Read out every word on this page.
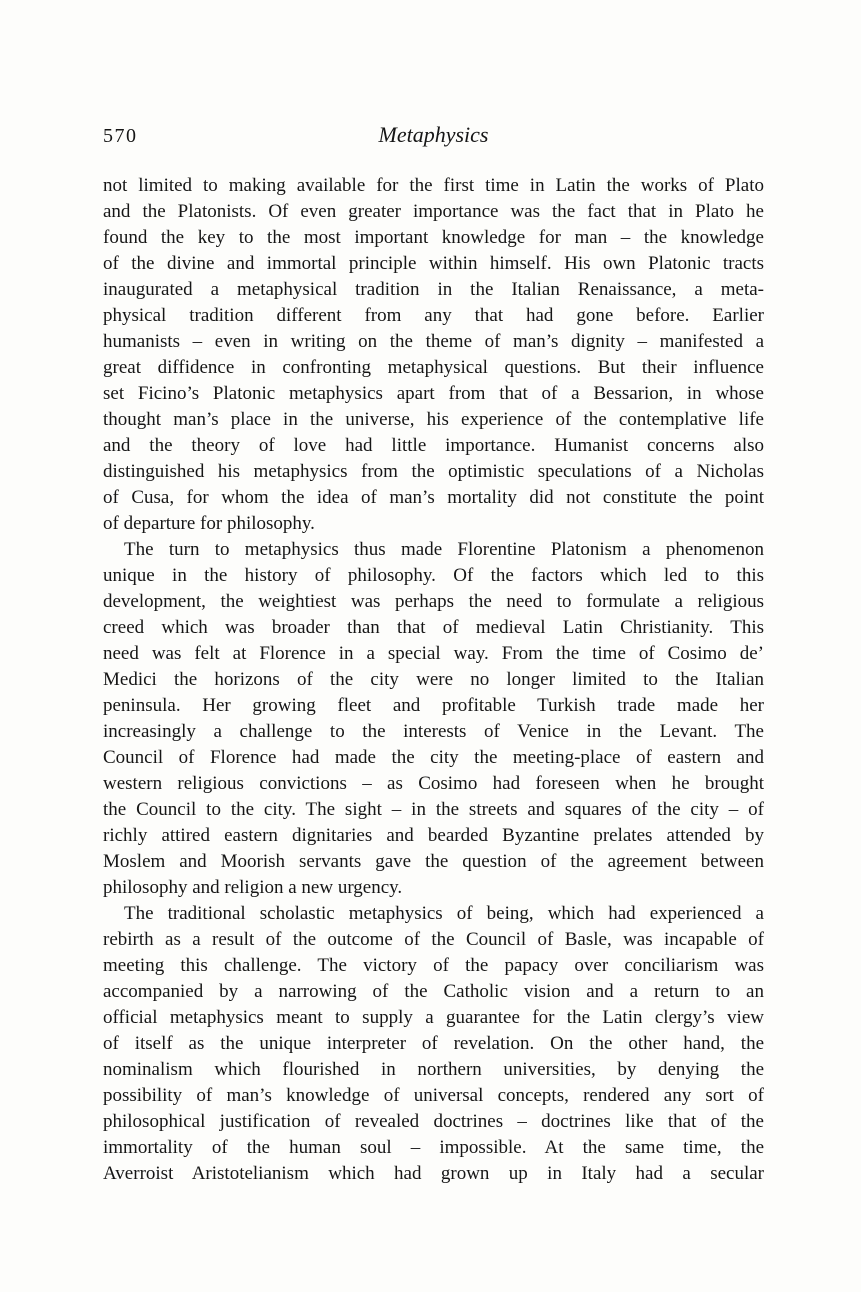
570	Metaphysics
not limited to making available for the first time in Latin the works of Plato
and the Platonists. Of even greater importance was the fact that in Plato he
found the key to the most important knowledge for man – the knowledge
of the divine and immortal principle within himself. His own Platonic tracts
inaugurated a metaphysical tradition in the Italian Renaissance, a meta-
physical tradition different from any that had gone before. Earlier
humanists – even in writing on the theme of man’s dignity – manifested a
great diffidence in confronting metaphysical questions. But their influence
set Ficino’s Platonic metaphysics apart from that of a Bessarion, in whose
thought man’s place in the universe, his experience of the contemplative life
and the theory of love had little importance. Humanist concerns also
distinguished his metaphysics from the optimistic speculations of a Nicholas
of Cusa, for whom the idea of man’s mortality did not constitute the point
of departure for philosophy.
The turn to metaphysics thus made Florentine Platonism a phenomenon
unique in the history of philosophy. Of the factors which led to this
development, the weightiest was perhaps the need to formulate a religious
creed which was broader than that of medieval Latin Christianity. This
need was felt at Florence in a special way. From the time of Cosimo de’
Medici the horizons of the city were no longer limited to the Italian
peninsula. Her growing fleet and profitable Turkish trade made her
increasingly a challenge to the interests of Venice in the Levant. The
Council of Florence had made the city the meeting-place of eastern and
western religious convictions – as Cosimo had foreseen when he brought
the Council to the city. The sight – in the streets and squares of the city – of
richly attired eastern dignitaries and bearded Byzantine prelates attended by
Moslem and Moorish servants gave the question of the agreement between
philosophy and religion a new urgency.
The traditional scholastic metaphysics of being, which had experienced a
rebirth as a result of the outcome of the Council of Basle, was incapable of
meeting this challenge. The victory of the papacy over conciliarism was
accompanied by a narrowing of the Catholic vision and a return to an
official metaphysics meant to supply a guarantee for the Latin clergy’s view
of itself as the unique interpreter of revelation. On the other hand, the
nominalism which flourished in northern universities, by denying the
possibility of man’s knowledge of universal concepts, rendered any sort of
philosophical justification of revealed doctrines – doctrines like that of the
immortality of the human soul – impossible. At the same time, the
Averroist Aristotelianism which had grown up in Italy had a secular
